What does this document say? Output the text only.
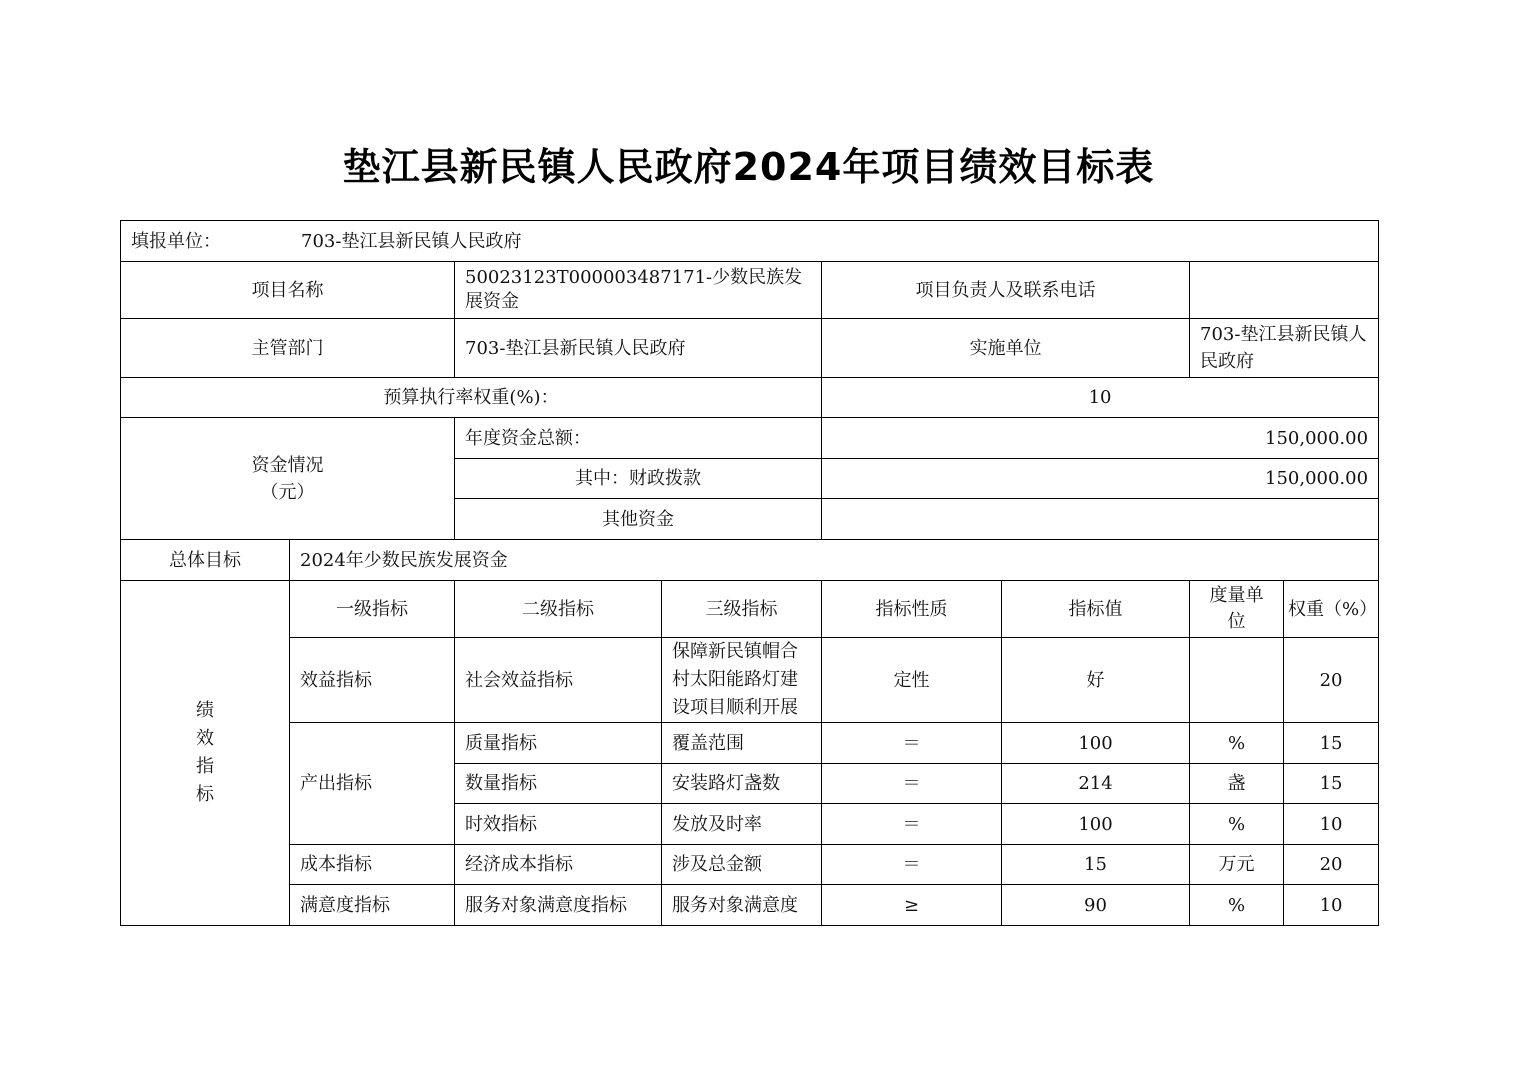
垫江县新民镇人民政府2024年项目绩效目标表
填报单位： 703-垫江县新民镇人民政府							
项目名称		50023123T000003487171-少数民族发展资金		项目负责人及联系电话			
主管部门		703-垫江县新民镇人民政府		实施单位		703-垫江县新民镇人民政府	
预算执行率权重(%)：				10			

资金情况
（元）		年度资金总额：		150,000.00			
		其中：财政拨款		150,000.00			
		其他资金					
总体目标	2024年少数民族发展资金						

绩
效
指
标	一级指标	二级指标	三级指标	指标性质	指标值	度量单位	权重（%）
	效益指标	社会效益指标	保障新民镇帽合村太阳能路灯建设项目顺利开展	定性	好		20
	产出指标	质量指标	覆盖范围	＝	100	%	15
		数量指标	安装路灯盏数	＝	214	盏	15
		时效指标	发放及时率	＝	100	%	10
	成本指标	经济成本指标	涉及总金额	＝	15	万元	20
	满意度指标	服务对象满意度指标	服务对象满意度	≥	90	%	10
